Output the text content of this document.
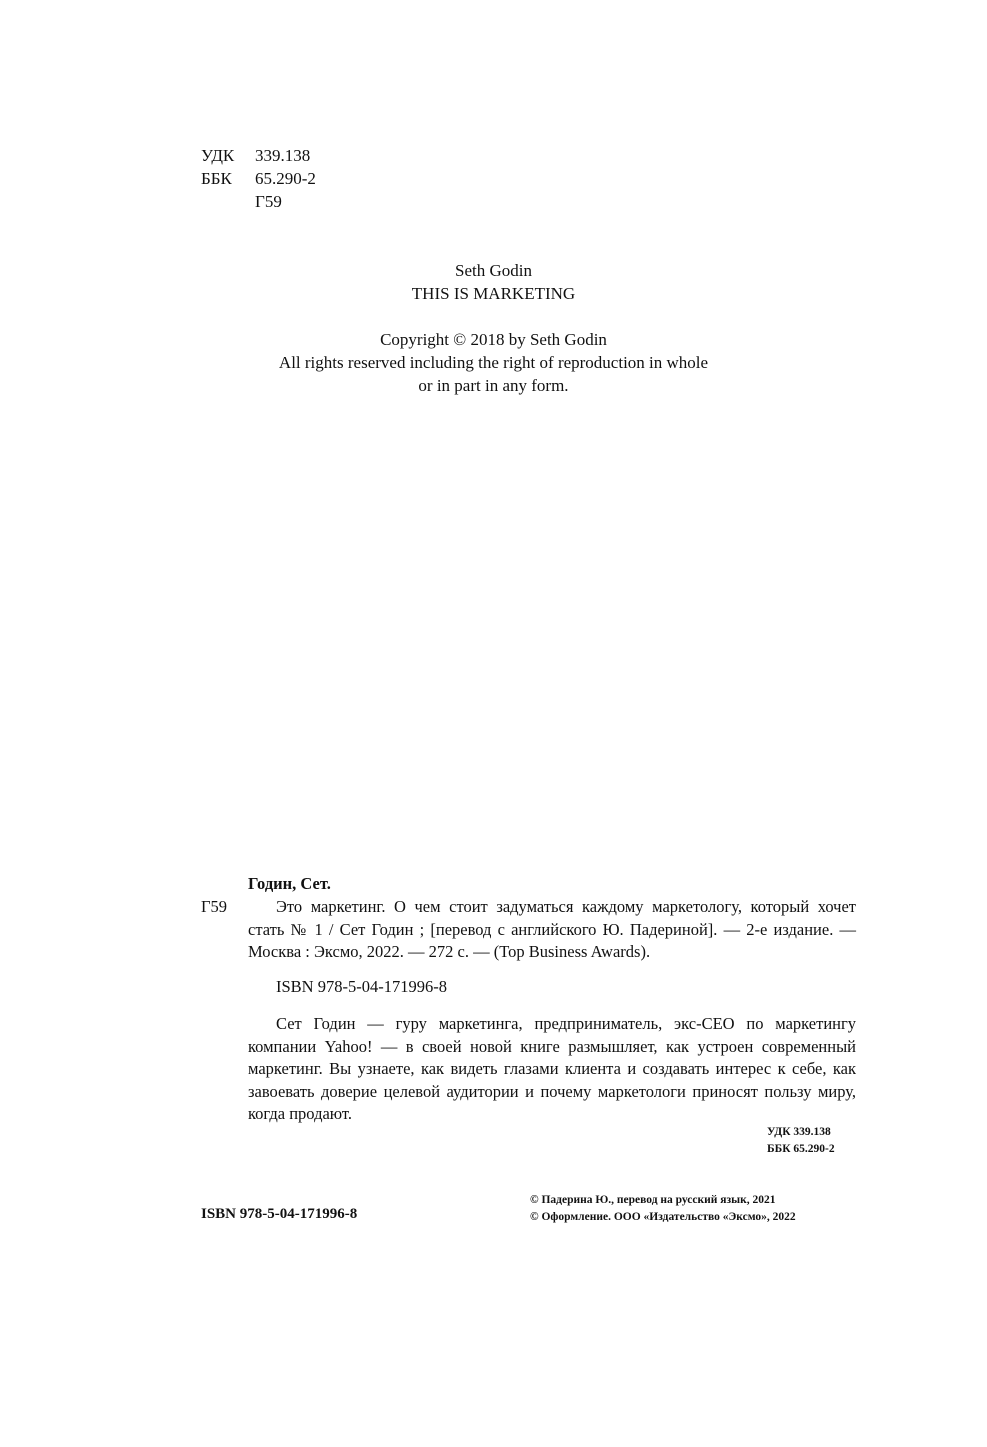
УДК 339.138
ББК 65.290-2
Г59
Seth Godin
THIS IS MARKETING
Copyright © 2018 by Seth Godin
All rights reserved including the right of reproduction in whole
or in part in any form.
Годин, Сет.
Г59	Это маркетинг. О чем стоит задуматься каждому маркетологу, который хочет стать № 1 / Сет Годин ; [перевод с английского Ю. Падериной]. — 2-е издание. — Москва : Эксмо, 2022. — 272 с. — (Top Business Awards).
ISBN 978-5-04-171996-8
Сет Годин — гуру маркетинга, предприниматель, экс-CEO по маркетингу компании Yahoo! — в своей новой книге размышляет, как устроен современный маркетинг. Вы узнаете, как видеть глазами клиента и создавать интерес к себе, как завоевать доверие целевой аудитории и почему маркетологи приносят пользу миру, когда продают.
УДК 339.138
ББК 65.290-2
ISBN 978-5-04-171996-8
© Падерина Ю., перевод на русский язык, 2021
© Оформление. ООО «Издательство «Эксмо», 2022
